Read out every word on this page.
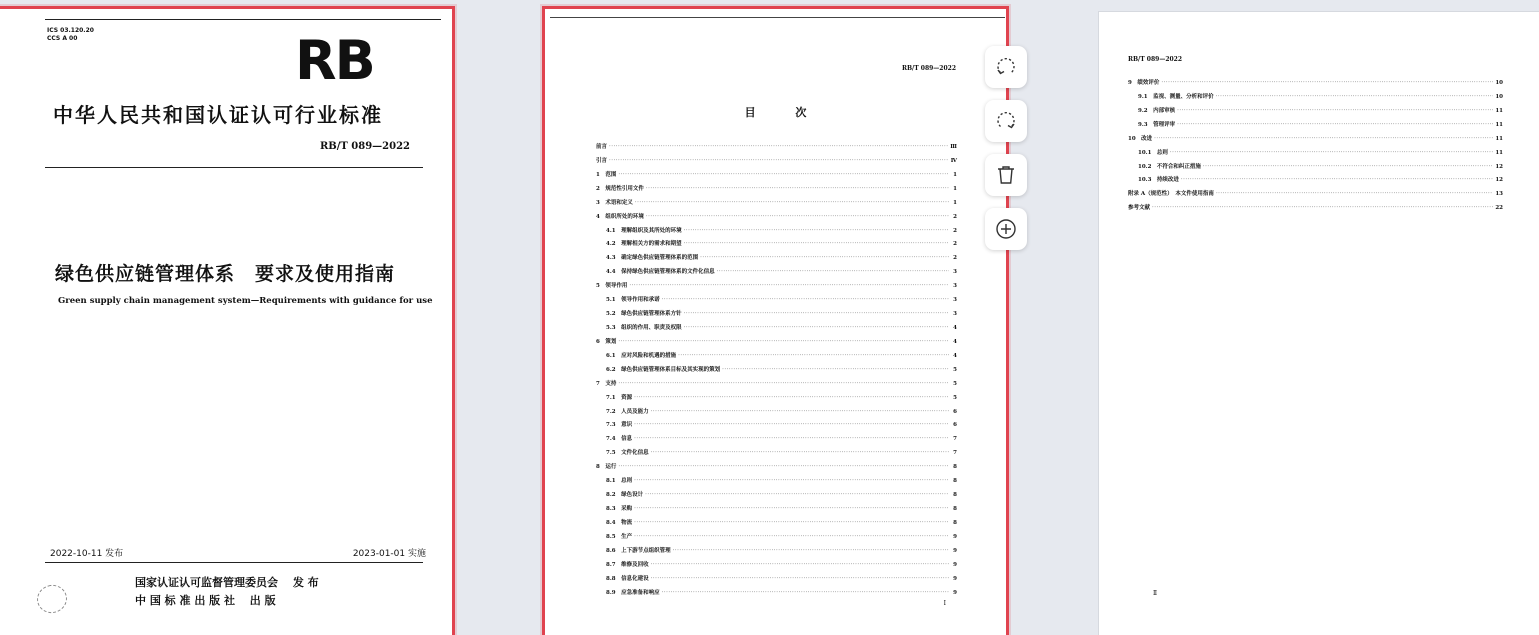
ICS 03.120.20
CCS A 00	RB
中华人民共和国认证认可行业标准
RB/T 089—2022
绿色供应链管理体系　要求及使用指南
Green supply chain management system—Requirements with guidance for use
2022-10-11 发布	2023-01-01 实施
国家认证认可监督管理委员会　 发 布
中 国 标 准 出 版 社　 出 版
RB/T 089—2022
目 次
前言 ·····	Ⅲ
引言 ·····	Ⅳ
1　范围 ·····	1
2　规范性引用文件 ·····	1
3　术语和定义 ·····	1
4　组织所处的环境 ·····	2
4.1　理解组织及其所处的环境 ·····	2
4.2　理解相关方的需求和期望 ·····	2
4.3　确定绿色供应链管理体系的范围 ·····	2
4.4　保持绿色供应链管理体系的文件化信息 ·····	3
5　领导作用 ·····	3
5.1　领导作用和承诺 ·····	3
5.2　绿色供应链管理体系方针 ·····	3
5.3　组织的作用、职责及权限 ·····	4
6　策划 ·····	4
6.1　应对风险和机遇的措施 ·····	4
6.2　绿色供应链管理体系目标及其实现的策划 ·····	5
7　支持 ·····	5
7.1　资源 ·····	5
7.2　人员及能力 ·····	6
7.3　意识 ·····	6
7.4　信息 ·····	7
7.5　文件化信息 ·····	7
8　运行 ·····	8
8.1　总则 ·····	8
8.2　绿色设计 ·····	8
8.3　采购 ·····	8
8.4　物流 ·····	8
8.5　生产 ·····	9
8.6　上下游节点组织管理 ·····	9
8.7　维修及回收 ·····	9
8.8　信息化建设 ·····	9
8.9　应急准备和响应 ·····	9
I
RB/T 089—2022
9　绩效评价 ·····	10
9.1　监视、测量、分析和评价 ·····	10
9.2　内部审核 ·····	11
9.3　管理评审 ·····	11
10　改进 ·····	11
10.1　总则 ·····	11
10.2　不符合和纠正措施 ·····	12
10.3　持续改进 ·····	12
附录 A（规范性）　本文件使用指南 ·····	13
参考文献 ·····	22
Ⅱ
